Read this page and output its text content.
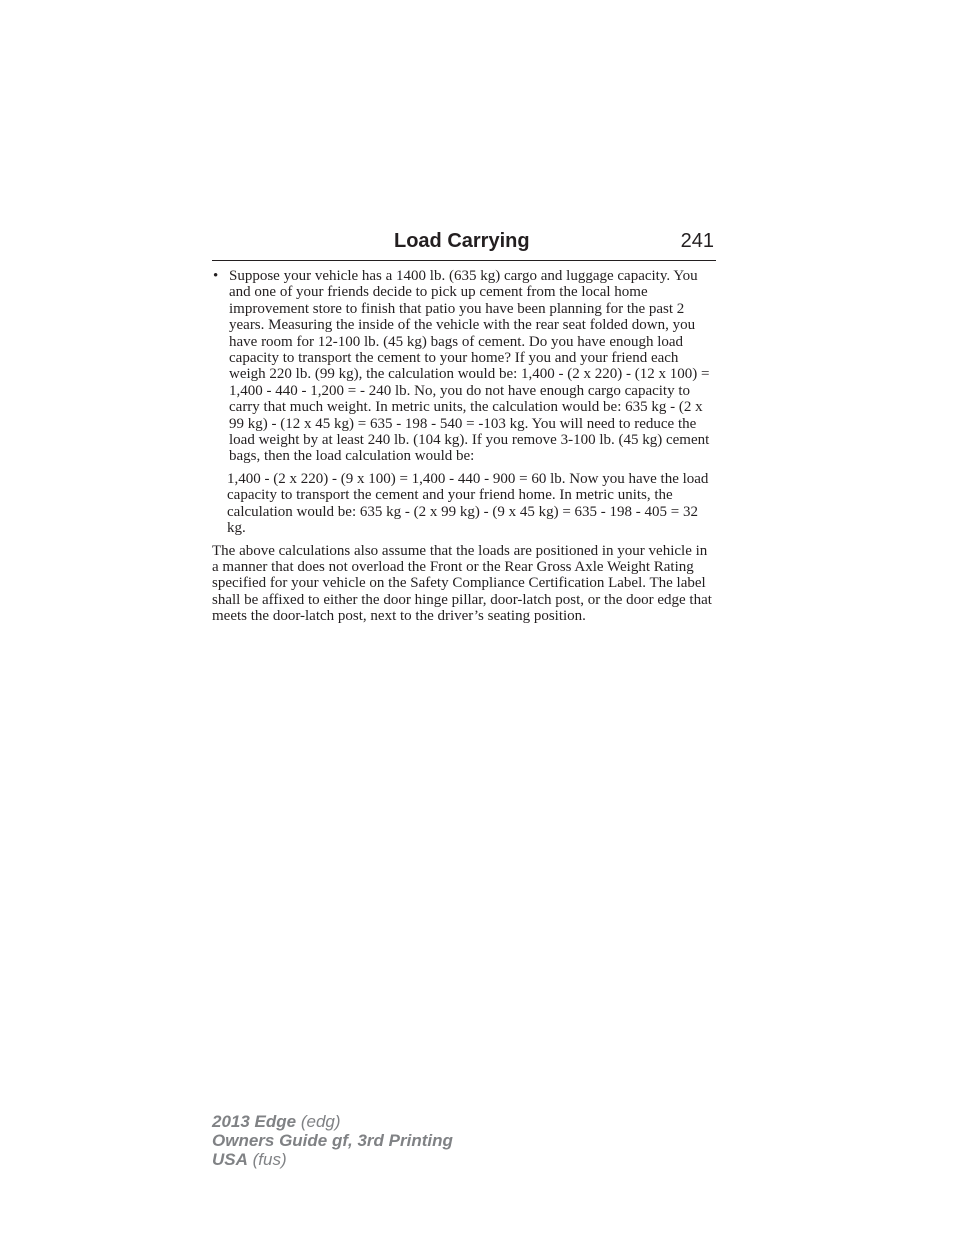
Load Carrying	241
• Suppose your vehicle has a 1400 lb. (635 kg) cargo and luggage capacity. You and one of your friends decide to pick up cement from the local home improvement store to finish that patio you have been planning for the past 2 years. Measuring the inside of the vehicle with the rear seat folded down, you have room for 12-100 lb. (45 kg) bags of cement. Do you have enough load capacity to transport the cement to your home? If you and your friend each weigh 220 lb. (99 kg), the calculation would be: 1,400 - (2 x 220) - (12 x 100) = 1,400 - 440 - 1,200 = - 240 lb. No, you do not have enough cargo capacity to carry that much weight. In metric units, the calculation would be: 635 kg - (2 x 99 kg) - (12 x 45 kg) = 635 - 198 - 540 = -103 kg. You will need to reduce the load weight by at least 240 lb. (104 kg). If you remove 3-100 lb. (45 kg) cement bags, then the load calculation would be:

1,400 - (2 x 220) - (9 x 100) = 1,400 - 440 - 900 = 60 lb. Now you have the load capacity to transport the cement and your friend home. In metric units, the calculation would be: 635 kg - (2 x 99 kg) - (9 x 45 kg) = 635 - 198 - 405 = 32 kg.

The above calculations also assume that the loads are positioned in your vehicle in a manner that does not overload the Front or the Rear Gross Axle Weight Rating specified for your vehicle on the Safety Compliance Certification Label. The label shall be affixed to either the door hinge pillar, door-latch post, or the door edge that meets the door-latch post, next to the driver’s seating position.

2013 Edge (edg)
Owners Guide gf, 3rd Printing
USA (fus)
